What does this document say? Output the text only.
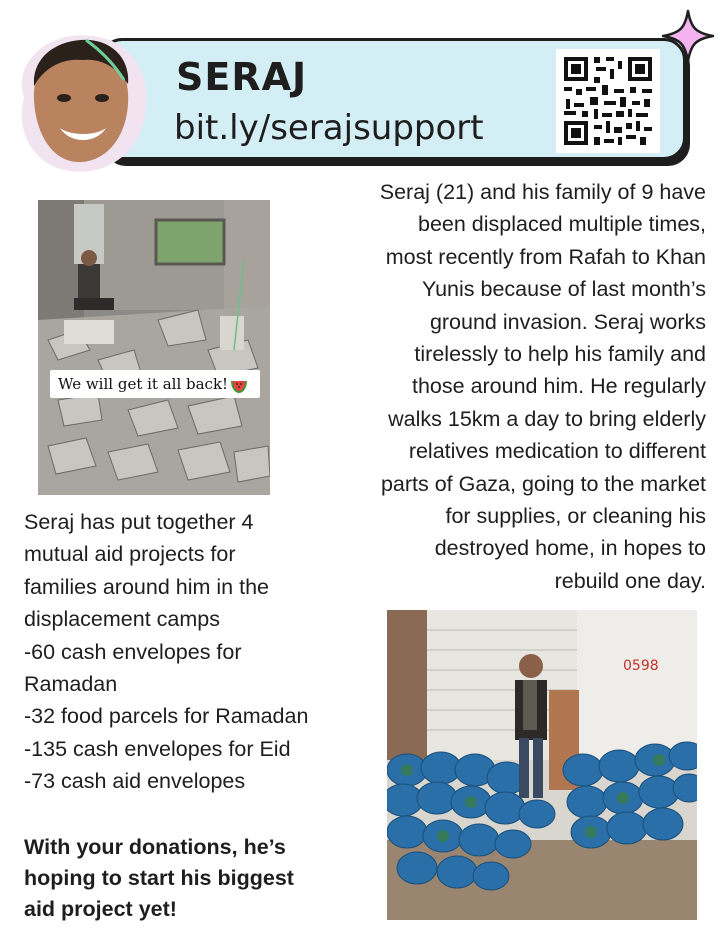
SERAJ
bit.ly/serajsupport
We will get it all back!
Seraj (21) and his family of 9 have
been displaced multiple times,
most recently from Rafah to Khan
Yunis because of last month’s
ground invasion. Seraj works
tirelessly to help his family and
those around him. He regularly
walks 15km a day to bring elderly
relatives medication to different
parts of Gaza, going to the market
for supplies, or cleaning his
destroyed home, in hopes to
rebuild one day.
Seraj has put together 4
mutual aid projects for
families around him in the
displacement camps
-60 cash envelopes for
Ramadan
-32 food parcels for Ramadan
-135 cash envelopes for Eid
-73 cash aid envelopes
With your donations, he’s
hoping to start his biggest
aid project yet!
0598
